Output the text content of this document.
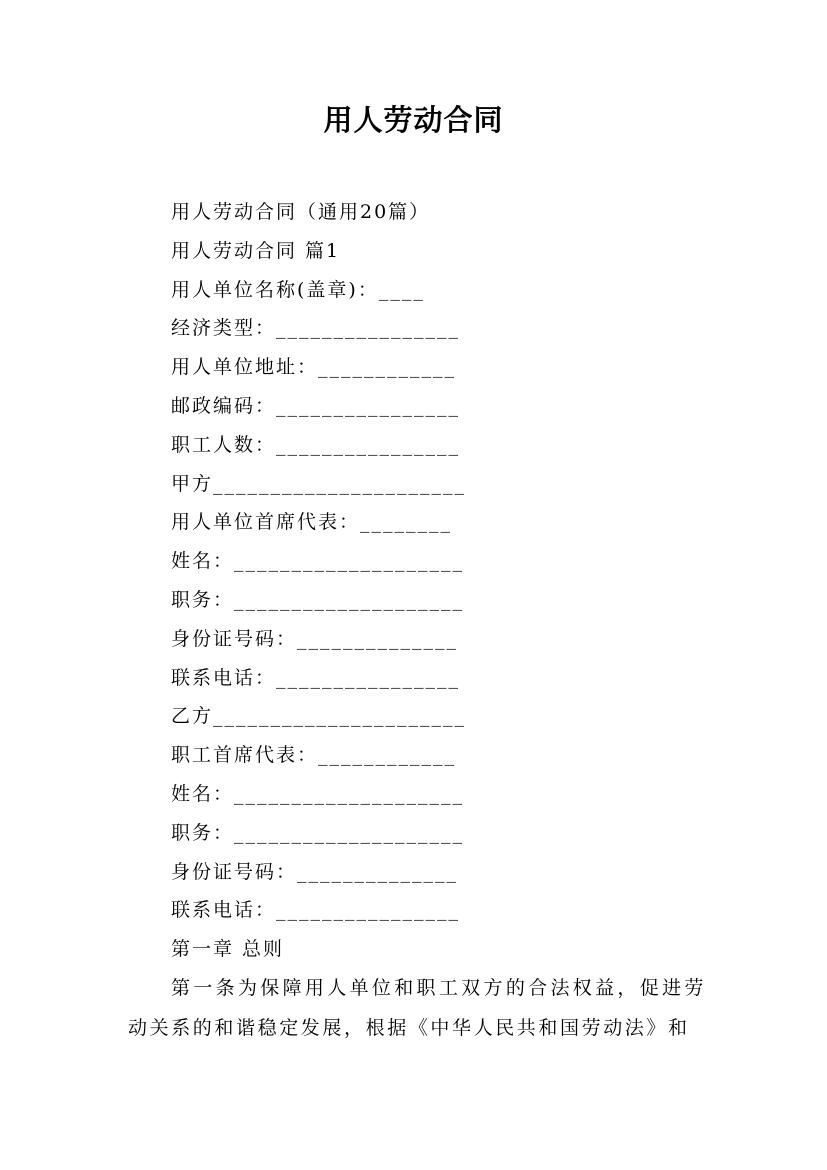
用人劳动合同
用人劳动合同（通用20篇）
用人劳动合同 篇1
用人单位名称(盖章)：____
经济类型：________________
用人单位地址：____________
邮政编码：________________
职工人数：________________
甲方______________________
用人单位首席代表：________
姓名：____________________
职务：____________________
身份证号码：______________
联系电话：________________
乙方______________________
职工首席代表：____________
姓名：____________________
职务：____________________
身份证号码：______________
联系电话：________________
第一章 总则
第一条为保障用人单位和职工双方的合法权益，促进劳动关系的和谐稳定发展，根据《中华人民共和国劳动法》和
